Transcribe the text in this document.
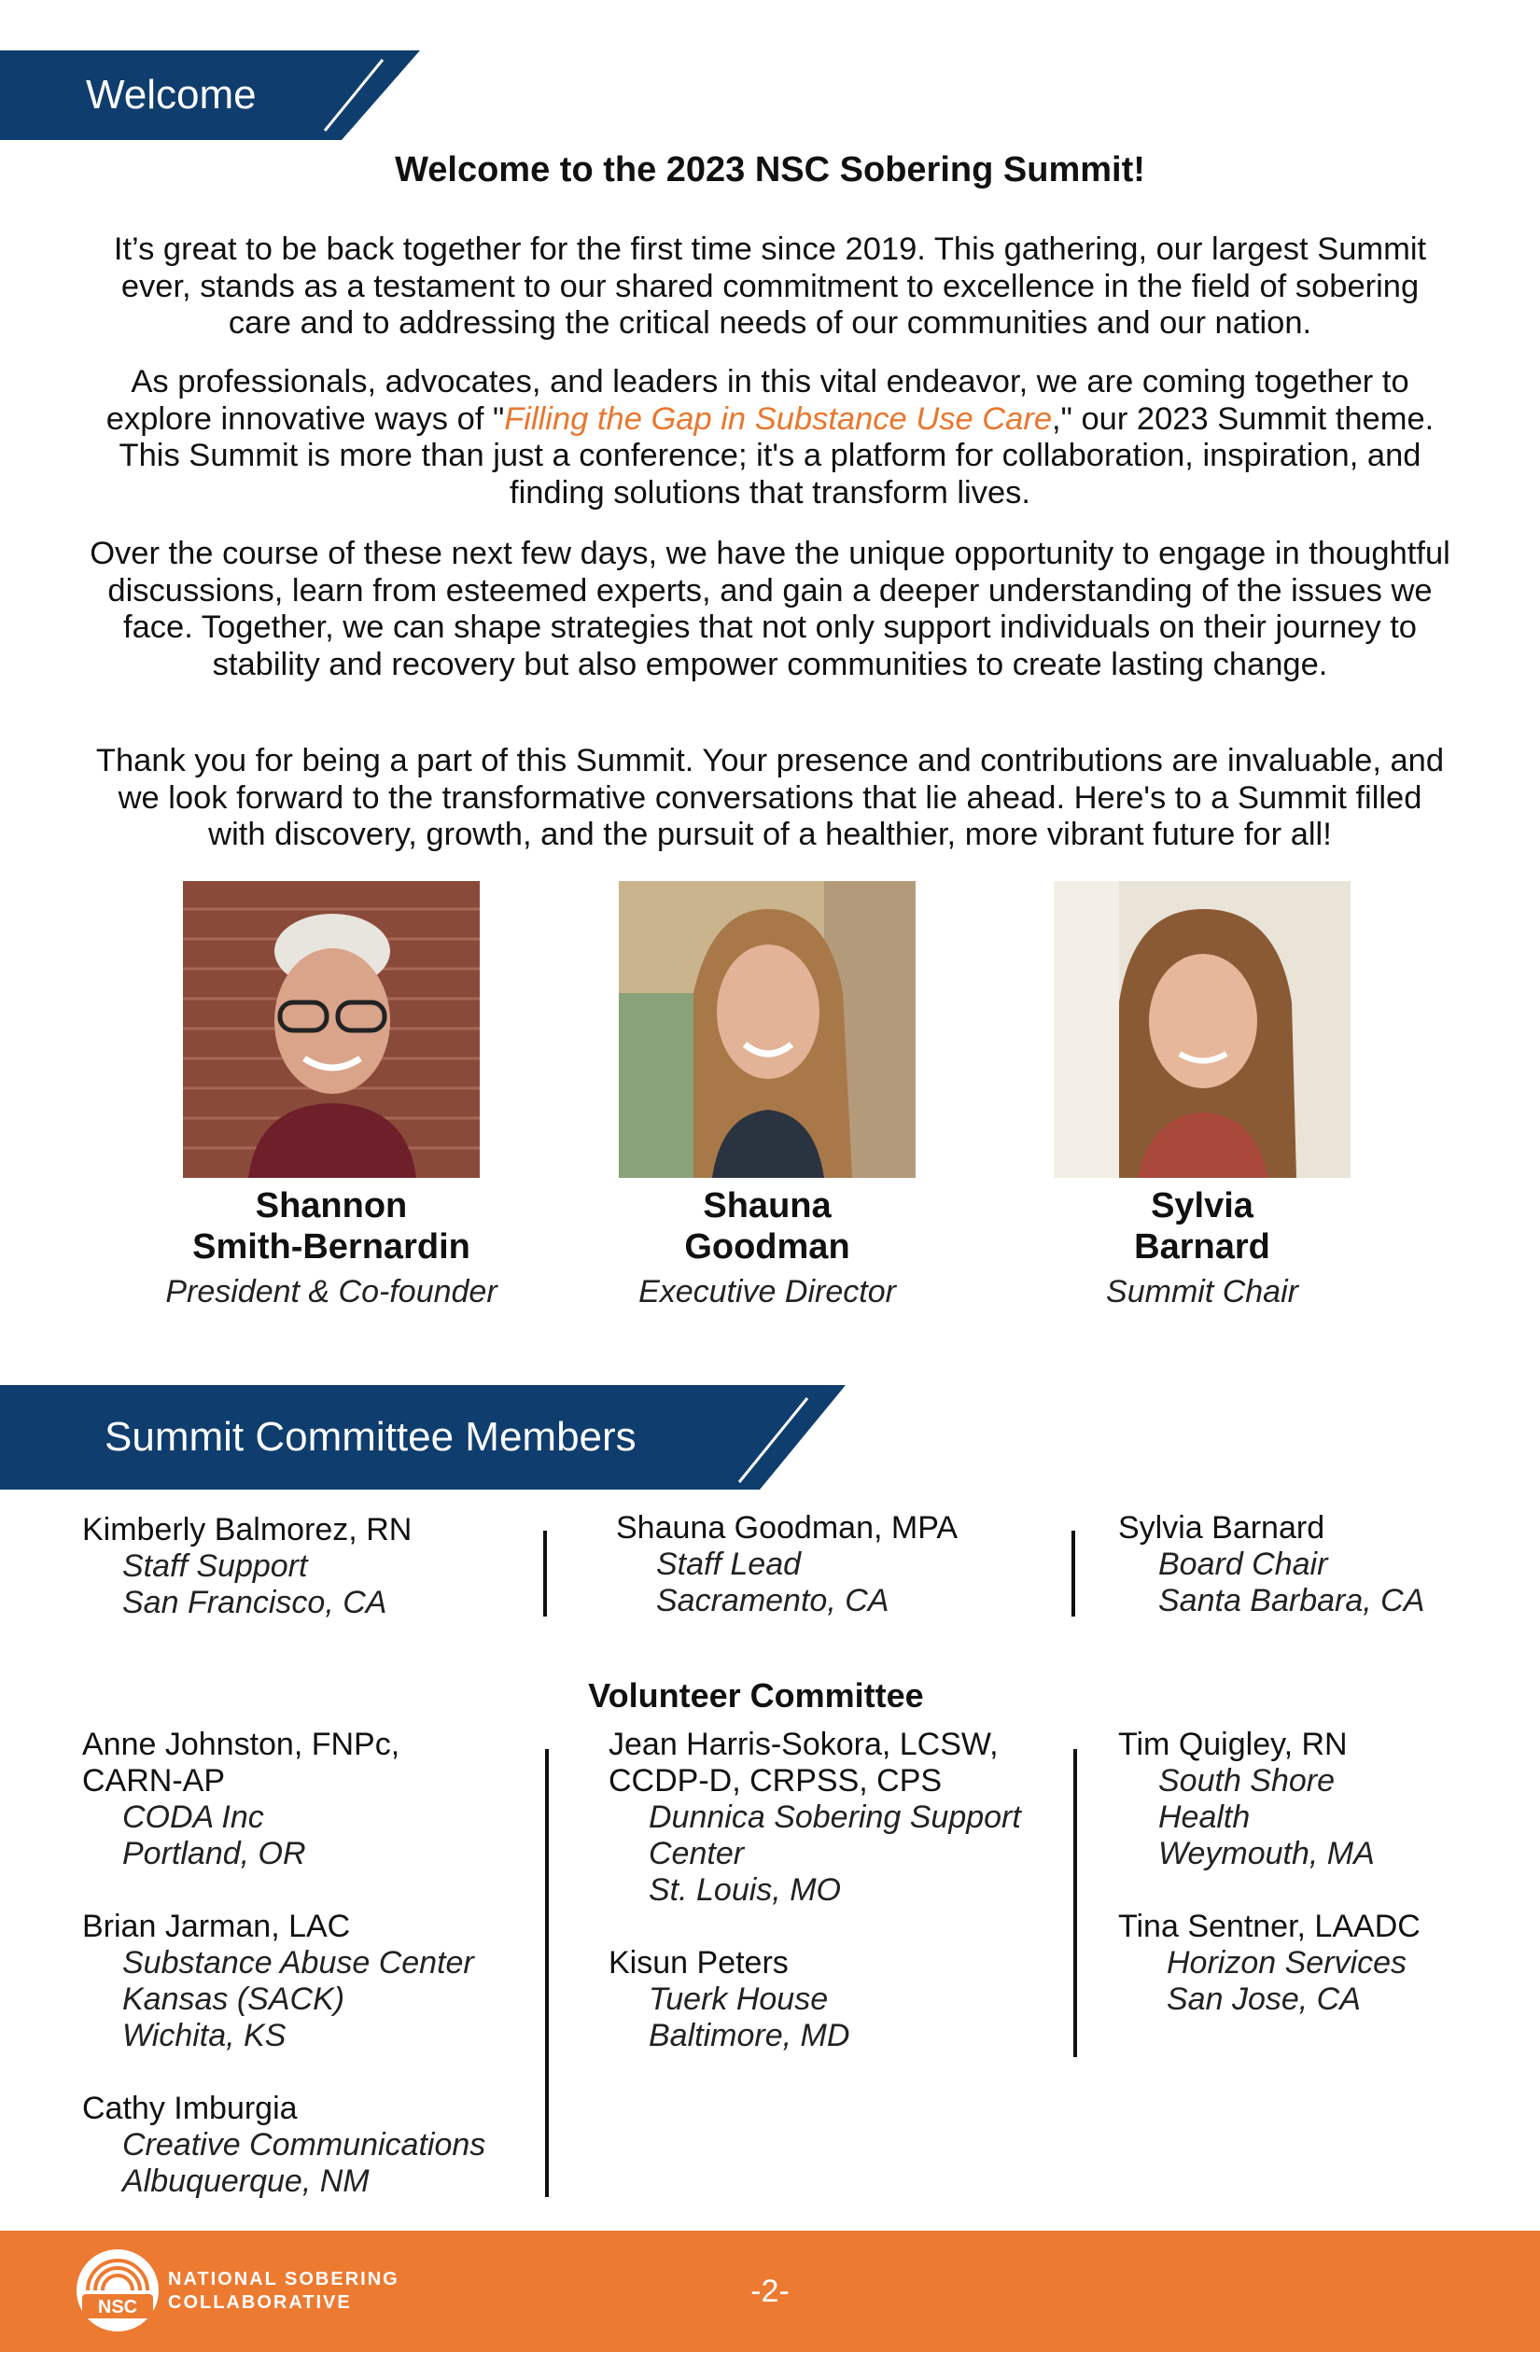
Welcome
Welcome to the 2023 NSC Sobering Summit!
It’s great to be back together for the first time since 2019. This gathering, our largest Summit ever, stands as a testament to our shared commitment to excellence in the field of sobering care and to addressing the critical needs of our communities and our nation.
As professionals, advocates, and leaders in this vital endeavor, we are coming together to explore innovative ways of "Filling the Gap in Substance Use Care," our 2023 Summit theme. This Summit is more than just a conference; it's a platform for collaboration, inspiration, and finding solutions that transform lives.
Over the course of these next few days, we have the unique opportunity to engage in thoughtful discussions, learn from esteemed experts, and gain a deeper understanding of the issues we face. Together, we can shape strategies that not only support individuals on their journey to stability and recovery but also empower communities to create lasting change.
Thank you for being a part of this Summit. Your presence and contributions are invaluable, and we look forward to the transformative conversations that lie ahead. Here's to a Summit filled with discovery, growth, and the pursuit of a healthier, more vibrant future for all!
Shannon
Smith-Bernardin
President & Co-founder
Shauna
Goodman
Executive Director
Sylvia
Barnard
Summit Chair
Summit Committee Members
Kimberly Balmorez, RN
Staff Support
San Francisco, CA
Shauna Goodman, MPA
Staff Lead
Sacramento, CA
Sylvia Barnard
Board Chair
Santa Barbara, CA
Volunteer Committee
Anne Johnston, FNPc,
CARN-AP
CODA Inc
Portland, OR
Brian Jarman, LAC
Substance Abuse Center
Kansas (SACK)
Wichita, KS
Cathy Imburgia
Creative Communications
Albuquerque, NM
Jean Harris-Sokora, LCSW,
CCDP-D, CRPSS, CPS
Dunnica Sobering Support
Center
St. Louis, MO
Kisun Peters
Tuerk House
Baltimore, MD
Tim Quigley, RN
South Shore
Health
Weymouth, MA
Tina Sentner, LAADC
Horizon Services
San Jose, CA
NSC
NATIONAL SOBERING
COLLABORATIVE	-2-
